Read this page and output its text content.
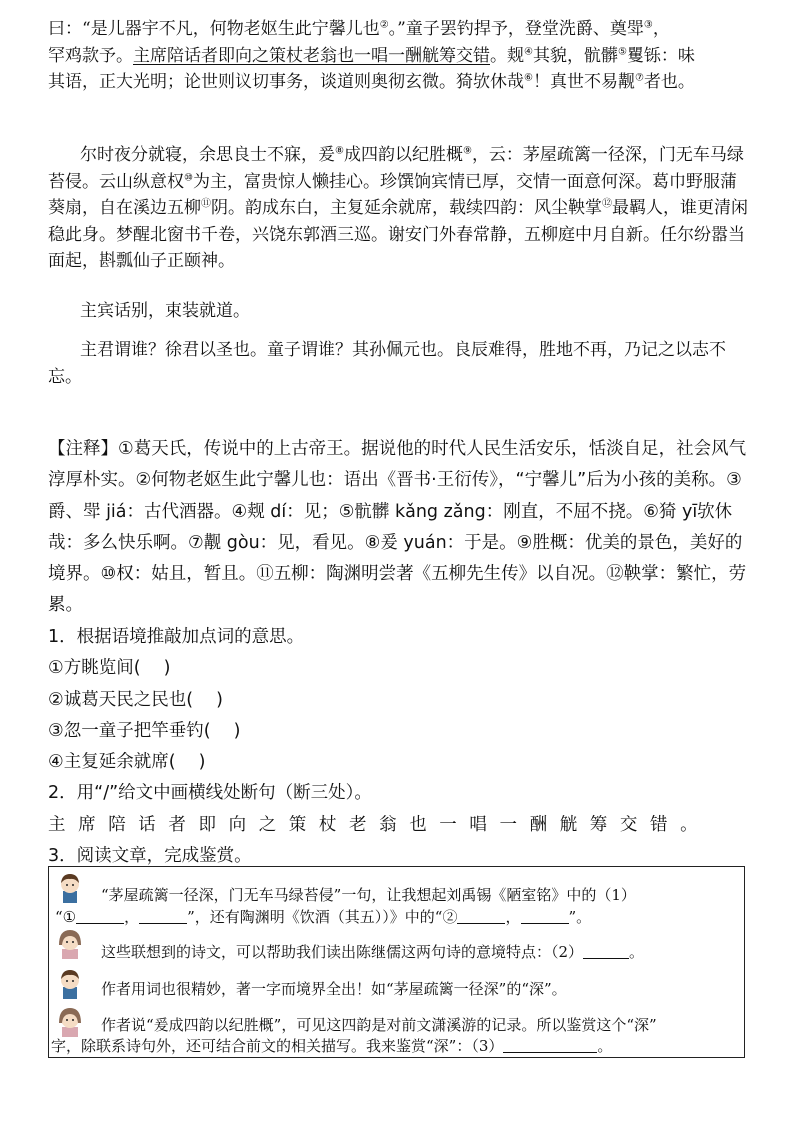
曰：“是儿器宇不凡，何物老妪生此宁馨儿也②。”童子罢钓捍予，登堂洗爵、奠斝③，

罕鸡款予。主席陪话者即向之策杖老翁也一唱一酬觥筹交错。觌④其貌，骯髒⑤矍铄：味

其语，正大光明；论世则议切事务，谈道则奥彻玄微。猗欤休哉⑥！真世不易觏⑦者也。

尔时夜分就寝，余思良士不寐，爰⑧成四韵以纪胜概⑨，云：茅屋疏篱一径深，门无车马绿苔侵。云山纵意权⑩为主，富贵惊人懒挂心。珍馔饷宾情已厚，交情一面意何深。葛巾野服蒲葵扇，自在溪边五柳⑪阴。韵成东白，主复延余就席，载续四韵：风尘鞅掌⑫最羁人，谁更清闲稳此身。梦醒北窗书千卷，兴饶东郭酒三巡。谢安门外春常静，五柳庭中月自新。任尔纷嚣当面起，斟瓢仙子正颐神。

主宾话别，束装就道。

主君谓谁？徐君以圣也。童子谓谁？其孙佩元也。良辰难得，胜地不再，乃记之以志不忘。

【注释】①葛天氏，传说中的上古帝王。据说他的时代人民生活安乐，恬淡自足，社会风气淳厚朴实。②何物老妪生此宁馨儿也：语出《晋书·王衍传》，“宁馨儿”后为小孩的美称。③爵、斝 jiá：古代酒器。④觌 dí：见；⑤骯髒 kǎng zǎng：刚直，不屈不挠。⑥猗 yī欤休哉：多么快乐啊。⑦觏 gòu：见，看见。⑧爰 yuán：于是。⑨胜概：优美的景色，美好的境界。⑩权：姑且，暂且。⑪五柳：陶渊明尝著《五柳先生传》以自况。⑫鞅掌：繁忙，劳累。

1．根据语境推敲加点词的意思。

①方眺览间(　 )

②诚葛天民之民也(　 )

③忽一童子把竿垂钓(　 )

④主复延余就席(　 )

2．用“/”给文中画横线处断句（断三处）。

主席陪话者即向之策杖老翁也一唱一酬觥筹交错。

3．阅读文章，完成鉴赏。

“茅屋疏篱一径深，门无车马绿苔侵”一句，让我想起刘禹锡《陋室铭》中的（1）
“①	，	”，还有陶渊明《饮酒（其五））》中的“②	，	”。
这些联想到的诗文，可以帮助我们读出陈继儒这两句诗的意境特点：（2）	。
作者用词也很精妙，著一字而境界全出！如“茅屋疏篱一径深”的“深”。
作者说“爰成四韵以纪胜概”，可见这四韵是对前文潇溪游的记录。所以鉴赏这个“深”
字，除联系诗句外，还可结合前文的相关描写。我来鉴赏“深”：（3）	。
